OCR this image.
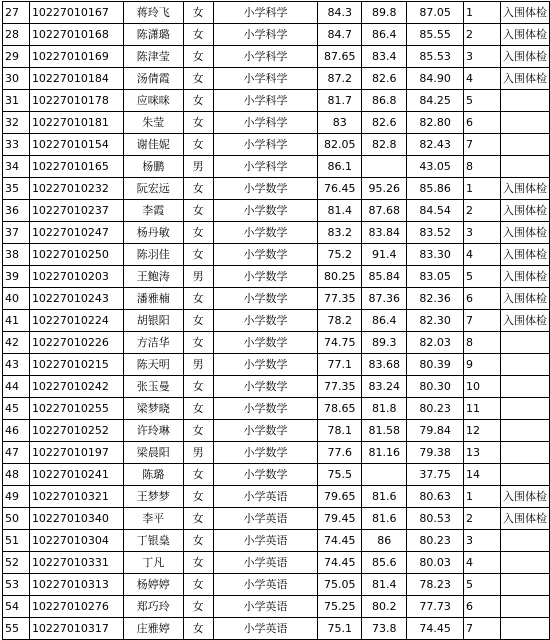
27	10227010167	蒋玲飞	女	小学科学	84.3	89.8	87.05	1	入围体检
28	10227010168	陈潇璐	女	小学科学	84.7	86.4	85.55	2	入围体检
29	10227010169	陈津莹	女	小学科学	87.65	83.4	85.53	3	入围体检
30	10227010184	汤倩霞	女	小学科学	87.2	82.6	84.90	4	入围体检
31	10227010178	应咪咪	女	小学科学	81.7	86.8	84.25	5	
32	10227010181	朱莹	女	小学科学	83	82.6	82.80	6	
33	10227010154	谢佳妮	女	小学科学	82.05	82.8	82.43	7	
34	10227010165	杨鹏	男	小学科学	86.1		43.05	8	
35	10227010232	阮宏远	女	小学数学	76.45	95.26	85.86	1	入围体检
36	10227010237	李霞	女	小学数学	81.4	87.68	84.54	2	入围体检
37	10227010247	杨丹敏	女	小学数学	83.2	83.84	83.52	3	入围体检
38	10227010250	陈羽佳	女	小学数学	75.2	91.4	83.30	4	入围体检
39	10227010203	王鲍涛	男	小学数学	80.25	85.84	83.05	5	入围体检
40	10227010243	潘雅楠	女	小学数学	77.35	87.36	82.36	6	入围体检
41	10227010224	胡银阳	女	小学数学	78.2	86.4	82.30	7	入围体检
42	10227010226	方洁华	女	小学数学	74.75	89.3	82.03	8	
43	10227010215	陈天明	男	小学数学	77.1	83.68	80.39	9	
44	10227010242	张玉曼	女	小学数学	77.35	83.24	80.30	10	
45	10227010255	梁梦晓	女	小学数学	78.65	81.8	80.23	11	
46	10227010252	许玲琳	女	小学数学	78.1	81.58	79.84	12	
47	10227010197	梁晨阳	男	小学数学	77.6	81.16	79.38	13	
48	10227010241	陈璐	女	小学数学	75.5		37.75	14	
49	10227010321	王梦梦	女	小学英语	79.65	81.6	80.63	1	入围体检
50	10227010340	李平	女	小学英语	79.45	81.6	80.53	2	入围体检
51	10227010304	丁银燊	女	小学英语	74.45	86	80.23	3	
52	10227010331	丁凡	女	小学英语	74.45	85.6	80.03	4	
53	10227010313	杨婷婷	女	小学英语	75.05	81.4	78.23	5	
54	10227010276	郑巧玲	女	小学英语	75.25	80.2	77.73	6	
55	10227010317	庄雅婷	女	小学英语	75.1	73.8	74.45	7	
